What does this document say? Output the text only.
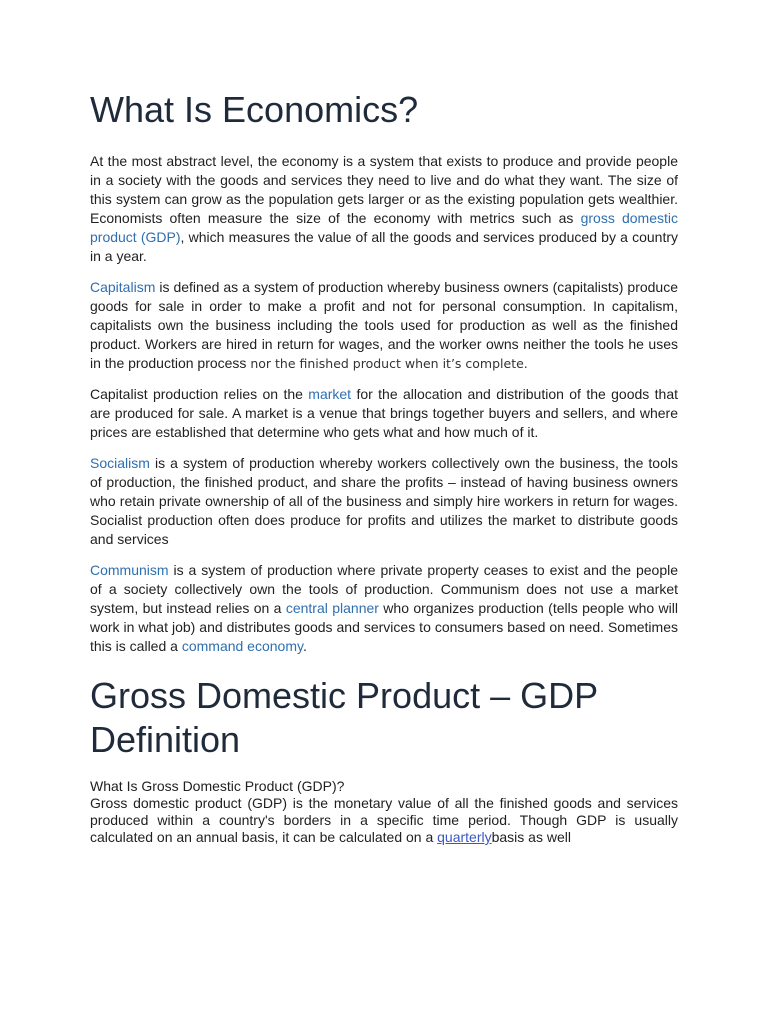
What Is Economics?

At the most abstract level, the economy is a system that exists to produce and provide people in a society with the goods and services they need to live and do what they want. The size of this system can grow as the population gets larger or as the existing population gets wealthier. Economists often measure the size of the economy with metrics such as gross domestic product (GDP), which measures the value of all the goods and services produced by a country in a year.

Capitalism is defined as a system of production whereby business owners (capitalists) produce goods for sale in order to make a profit and not for personal consumption. In capitalism, capitalists own the business including the tools used for production as well as the finished product. Workers are hired in return for wages, and the worker owns neither the tools he uses in the production process nor the finished product when it’s complete.

Capitalist production relies on the market for the allocation and distribution of the goods that are produced for sale. A market is a venue that brings together buyers and sellers, and where prices are established that determine who gets what and how much of it.

Socialism is a system of production whereby workers collectively own the business, the tools of production, the finished product, and share the profits – instead of having business owners who retain private ownership of all of the business and simply hire workers in return for wages. Socialist production often does produce for profits and utilizes the market to distribute goods and services

Communism is a system of production where private property ceases to exist and the people of a society collectively own the tools of production. Communism does not use a market system, but instead relies on a central planner who organizes production (tells people who will work in what job) and distributes goods and services to consumers based on need. Sometimes this is called a command economy.

Gross Domestic Product – GDP Definition

What Is Gross Domestic Product (GDP)?

Gross domestic product (GDP) is the monetary value of all the finished goods and services produced within a country's borders in a specific time period. Though GDP is usually calculated on an annual basis, it can be calculated on a quarterlybasis as well
